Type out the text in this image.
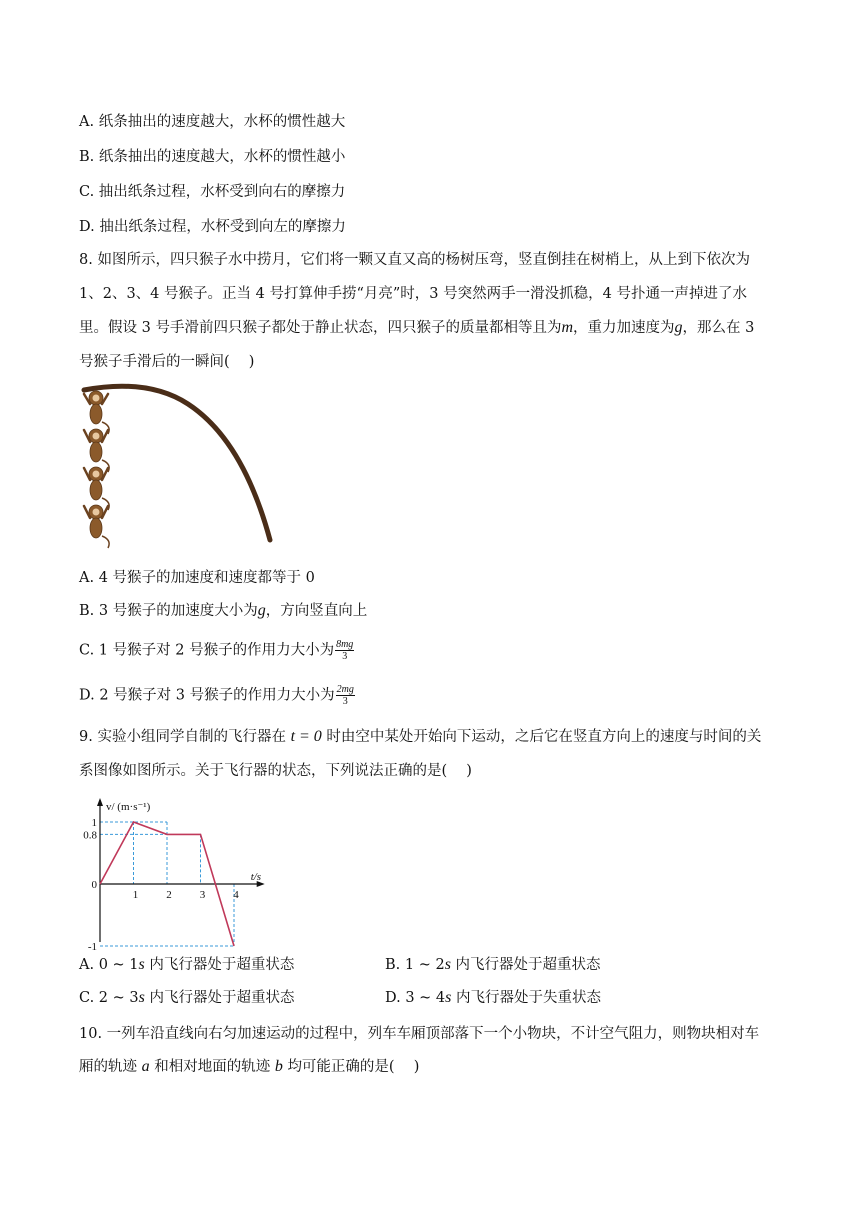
A. 纸条抽出的速度越大，水杯的惯性越大
B. 纸条抽出的速度越大，水杯的惯性越小
C. 抽出纸条过程，水杯受到向右的摩擦力
D. 抽出纸条过程，水杯受到向左的摩擦力
8. 如图所示，四只猴子水中捞月，它们将一颗又直又高的杨树压弯，竖直倒挂在树梢上，从上到下依次为
1、2、3、4 号猴子。正当 4 号打算伸手捞“月亮”时，3 号突然两手一滑没抓稳，4 号扑通一声掉进了水
里。假设 3 号手滑前四只猴子都处于静止状态，四只猴子的质量都相等且为m，重力加速度为g，那么在 3
号猴子手滑后的一瞬间(　 )
A. 4 号猴子的加速度和速度都等于 0
B. 3 号猴子的加速度大小为g，方向竖直向上
C. 1 号猴子对 2 号猴子的作用力大小为 $\frac{8mg}{3}$
D. 2 号猴子对 3 号猴子的作用力大小为 $\frac{2mg}{3}$
9. 实验小组同学自制的飞行器在 t = 0 时由空中某处开始向下运动，之后它在竖直方向上的速度与时间的关
系图像如图所示。关于飞行器的状态，下列说法正确的是(　 )
1	2	3	4
1
0.8
0
-1
v/ (m·s⁻¹)
t/s
A. 0 ~ 1s 内飞行器处于超重状态	B. 1 ~ 2s 内飞行器处于超重状态
C. 2 ~ 3s 内飞行器处于超重状态	D. 3 ~ 4s 内飞行器处于失重状态
10. 一列车沿直线向右匀加速运动的过程中，列车车厢顶部落下一个小物块，不计空气阻力，则物块相对车
厢的轨迹 a 和相对地面的轨迹 b 均可能正确的是(　 )
